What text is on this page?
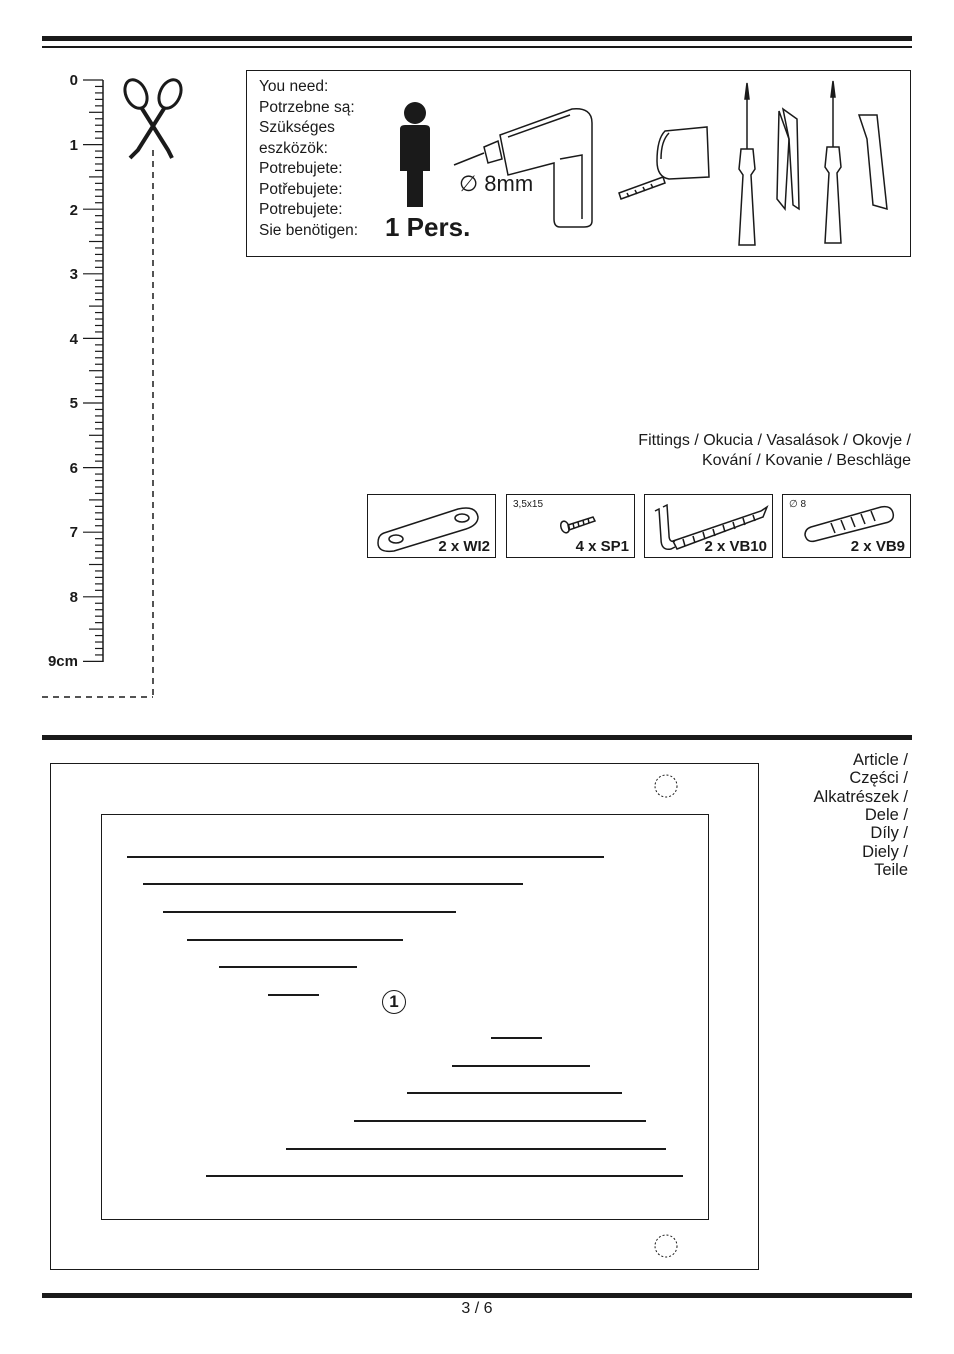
0
1
2
3
4
5
6
7
8
9cm
You need:
Potrzebne są:
Szükséges
eszközök:
Potrebujete:
Potřebujete:
Potrebujete:
Sie benötigen: 1 Pers.
∅ 8mm
Fittings / Okucia / Vasalások / Okovje /
Kování / Kovanie / Beschläge
2 x WI2
3,5x15
4 x SP1	2 x VB10
∅ 8
2 x VB9
1
Article /
Części /
Alkatrészek /
Dele /
Díly /
Diely /
Teile
3 / 6
